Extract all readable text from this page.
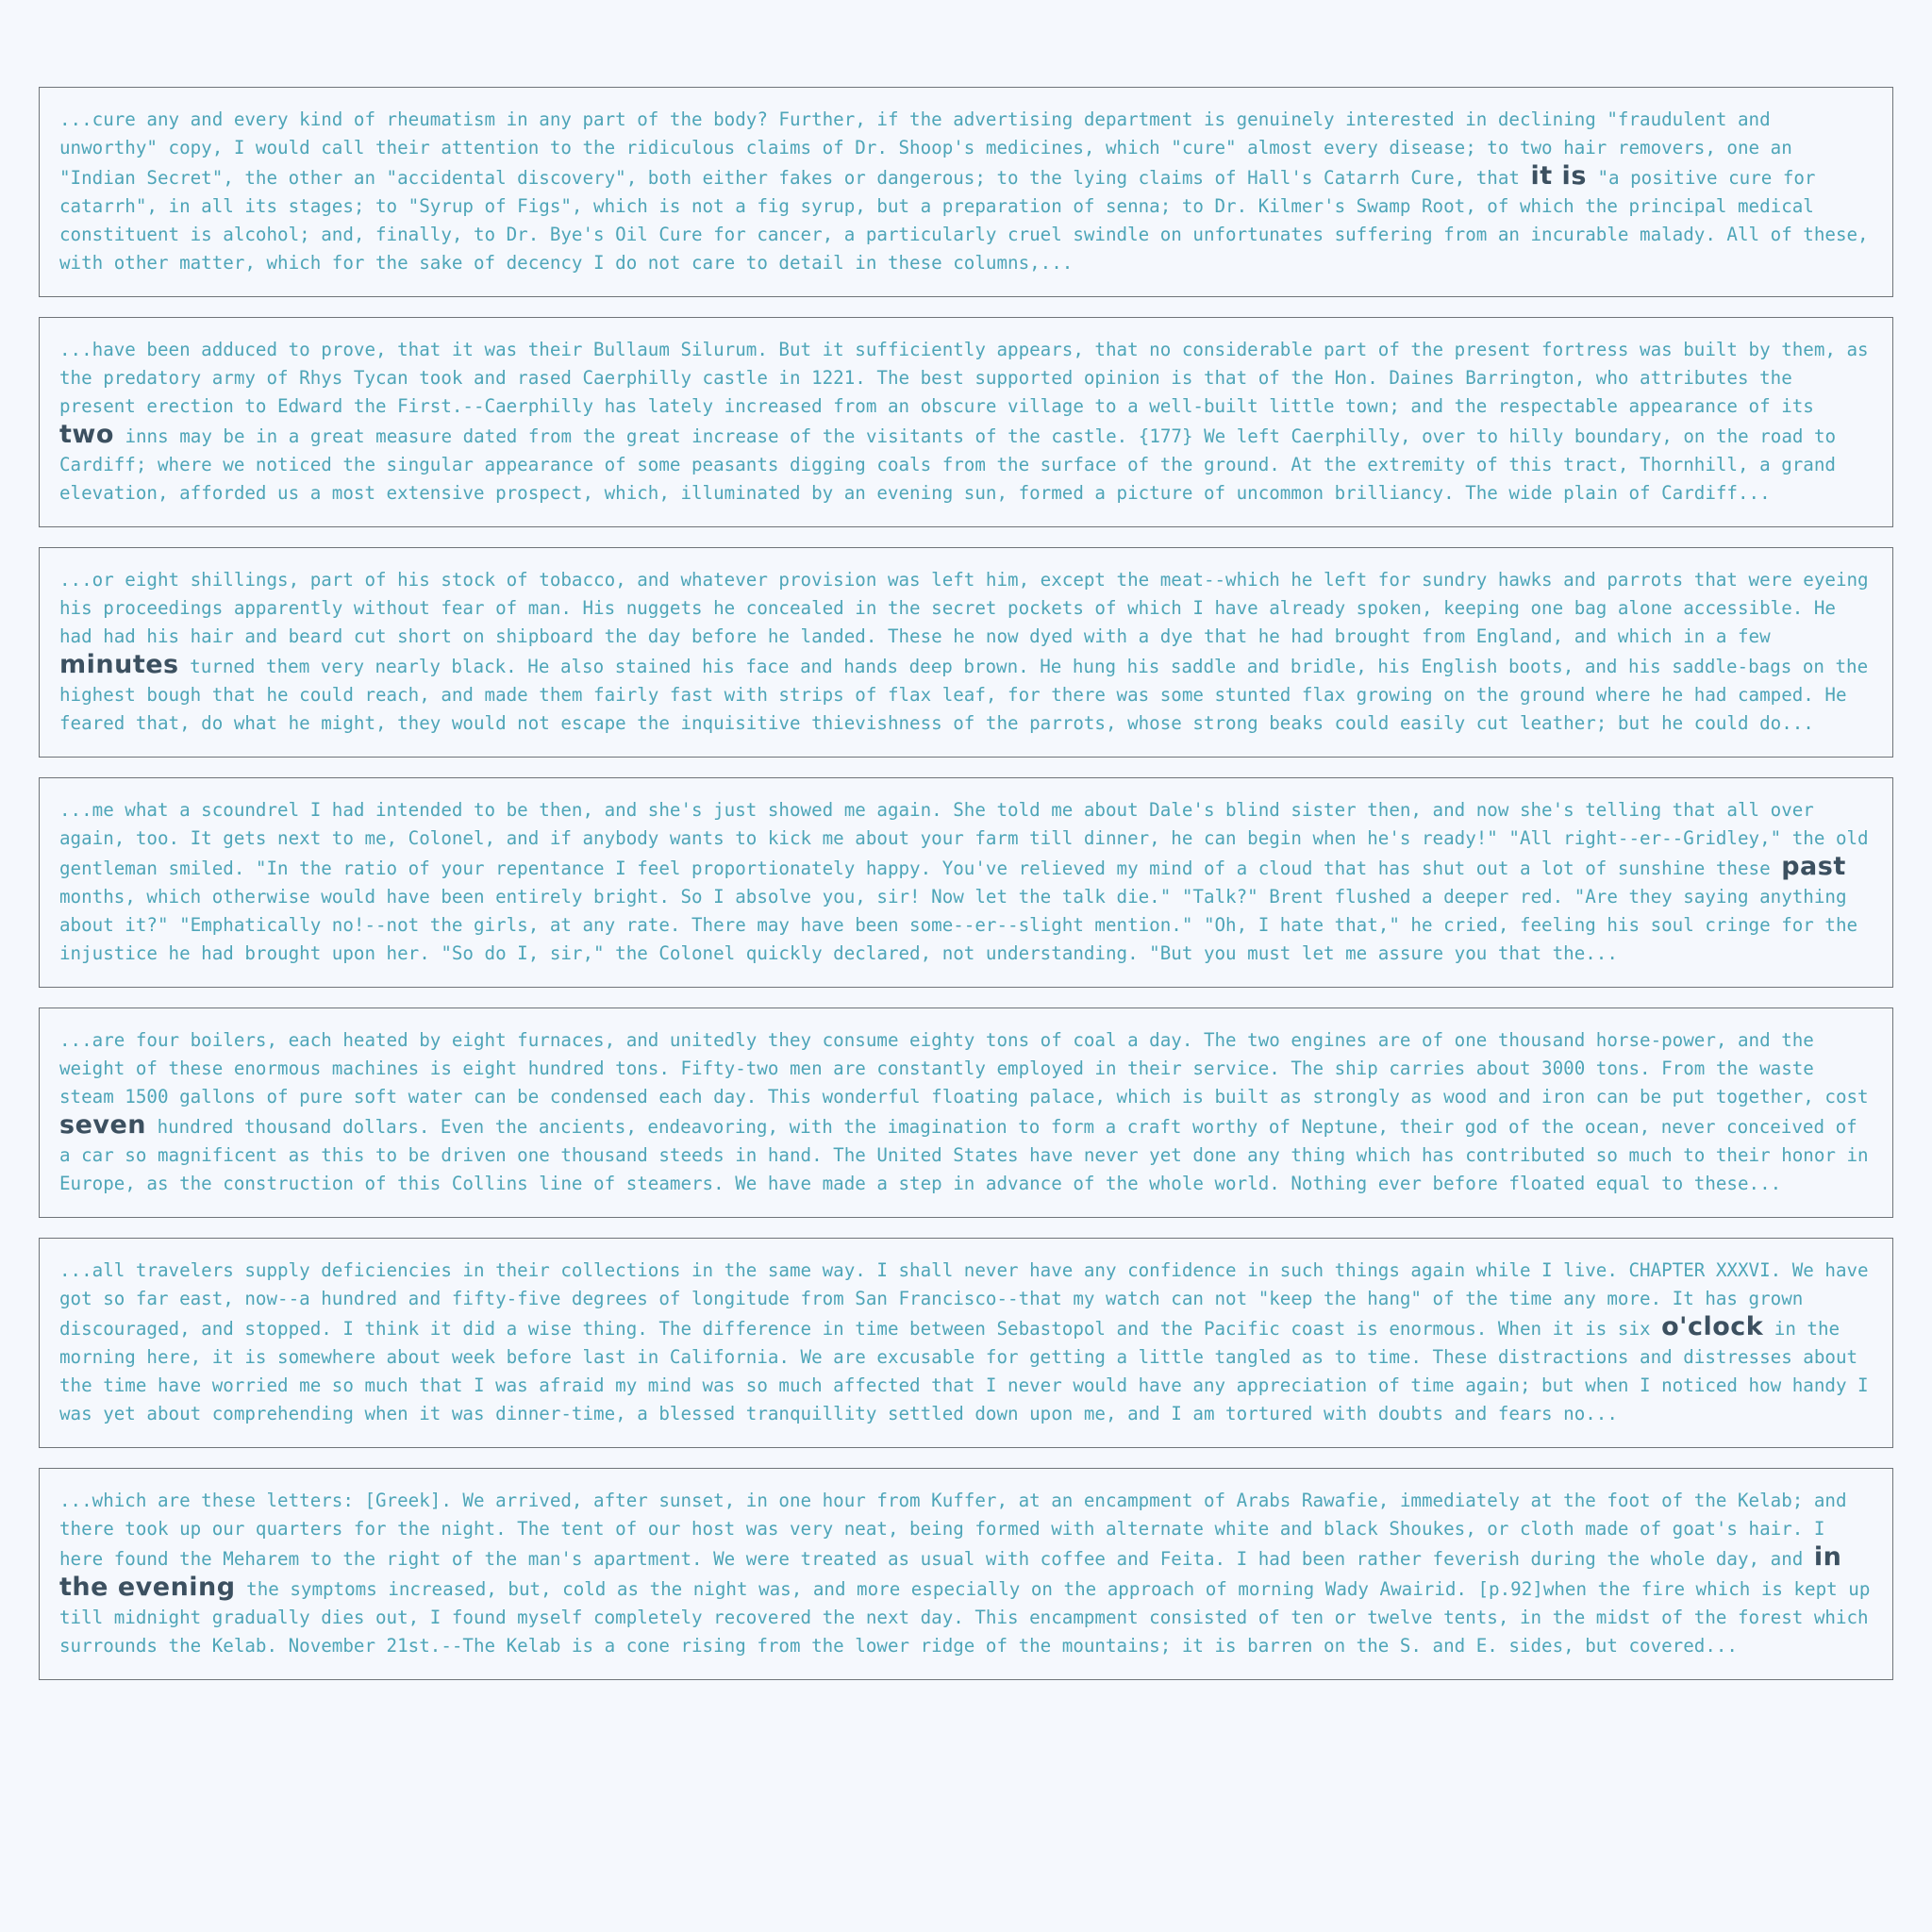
...cure any and every kind of rheumatism in any part of the body? Further, if the advertising department is genuinely interested in declining "fraudulent and unworthy" copy, I would call their attention to the ridiculous claims of Dr. Shoop's medicines, which "cure" almost every disease; to two hair removers, one an "Indian Secret", the other an "accidental discovery", both either fakes or dangerous; to the lying claims of Hall's Catarrh Cure, that it is "a positive cure for catarrh", in all its stages; to "Syrup of Figs", which is not a fig syrup, but a preparation of senna; to Dr. Kilmer's Swamp Root, of which the principal medical constituent is alcohol; and, finally, to Dr. Bye's Oil Cure for cancer, a particularly cruel swindle on unfortunates suffering from an incurable malady. All of these, with other matter, which for the sake of decency I do not care to detail in these columns,...
...have been adduced to prove, that it was their Bullaum Silurum. But it sufficiently appears, that no considerable part of the present fortress was built by them, as the predatory army of Rhys Tycan took and rased Caerphilly castle in 1221. The best supported opinion is that of the Hon. Daines Barrington, who attributes the present erection to Edward the First.--Caerphilly has lately increased from an obscure village to a well-built little town; and the respectable appearance of its two inns may be in a great measure dated from the great increase of the visitants of the castle. {177} We left Caerphilly, over to hilly boundary, on the road to Cardiff; where we noticed the singular appearance of some peasants digging coals from the surface of the ground. At the extremity of this tract, Thornhill, a grand elevation, afforded us a most extensive prospect, which, illuminated by an evening sun, formed a picture of uncommon brilliancy. The wide plain of Cardiff...
...or eight shillings, part of his stock of tobacco, and whatever provision was left him, except the meat--which he left for sundry hawks and parrots that were eyeing his proceedings apparently without fear of man. His nuggets he concealed in the secret pockets of which I have already spoken, keeping one bag alone accessible. He had had his hair and beard cut short on shipboard the day before he landed. These he now dyed with a dye that he had brought from England, and which in a few minutes turned them very nearly black. He also stained his face and hands deep brown. He hung his saddle and bridle, his English boots, and his saddle-bags on the highest bough that he could reach, and made them fairly fast with strips of flax leaf, for there was some stunted flax growing on the ground where he had camped. He feared that, do what he might, they would not escape the inquisitive thievishness of the parrots, whose strong beaks could easily cut leather; but he could do...
...me what a scoundrel I had intended to be then, and she's just showed me again. She told me about Dale's blind sister then, and now she's telling that all over again, too. It gets next to me, Colonel, and if anybody wants to kick me about your farm till dinner, he can begin when he's ready!" "All right--er--Gridley," the old gentleman smiled. "In the ratio of your repentance I feel proportionately happy. You've relieved my mind of a cloud that has shut out a lot of sunshine these past months, which otherwise would have been entirely bright. So I absolve you, sir! Now let the talk die." "Talk?" Brent flushed a deeper red. "Are they saying anything about it?" "Emphatically no!--not the girls, at any rate. There may have been some--er--slight mention." "Oh, I hate that," he cried, feeling his soul cringe for the injustice he had brought upon her. "So do I, sir," the Colonel quickly declared, not understanding. "But you must let me assure you that the...
...are four boilers, each heated by eight furnaces, and unitedly they consume eighty tons of coal a day. The two engines are of one thousand horse-power, and the weight of these enormous machines is eight hundred tons. Fifty-two men are constantly employed in their service. The ship carries about 3000 tons. From the waste steam 1500 gallons of pure soft water can be condensed each day. This wonderful floating palace, which is built as strongly as wood and iron can be put together, cost seven hundred thousand dollars. Even the ancients, endeavoring, with the imagination to form a craft worthy of Neptune, their god of the ocean, never conceived of a car so magnificent as this to be driven one thousand steeds in hand. The United States have never yet done any thing which has contributed so much to their honor in Europe, as the construction of this Collins line of steamers. We have made a step in advance of the whole world. Nothing ever before floated equal to these...
...all travelers supply deficiencies in their collections in the same way. I shall never have any confidence in such things again while I live. CHAPTER XXXVI. We have got so far east, now--a hundred and fifty-five degrees of longitude from San Francisco--that my watch can not "keep the hang" of the time any more. It has grown discouraged, and stopped. I think it did a wise thing. The difference in time between Sebastopol and the Pacific coast is enormous. When it is six o'clock in the morning here, it is somewhere about week before last in California. We are excusable for getting a little tangled as to time. These distractions and distresses about the time have worried me so much that I was afraid my mind was so much affected that I never would have any appreciation of time again; but when I noticed how handy I was yet about comprehending when it was dinner-time, a blessed tranquillity settled down upon me, and I am tortured with doubts and fears no...
...which are these letters: [Greek]. We arrived, after sunset, in one hour from Kuffer, at an encampment of Arabs Rawafie, immediately at the foot of the Kelab; and there took up our quarters for the night. The tent of our host was very neat, being formed with alternate white and black Shoukes, or cloth made of goat's hair. I here found the Meharem to the right of the man's apartment. We were treated as usual with coffee and Feita. I had been rather feverish during the whole day, and in the evening the symptoms increased, but, cold as the night was, and more especially on the approach of morning Wady Awairid. [p.92]when the fire which is kept up till midnight gradually dies out, I found myself completely recovered the next day. This encampment consisted of ten or twelve tents, in the midst of the forest which surrounds the Kelab. November 21st.--The Kelab is a cone rising from the lower ridge of the mountains; it is barren on the S. and E. sides, but covered...
